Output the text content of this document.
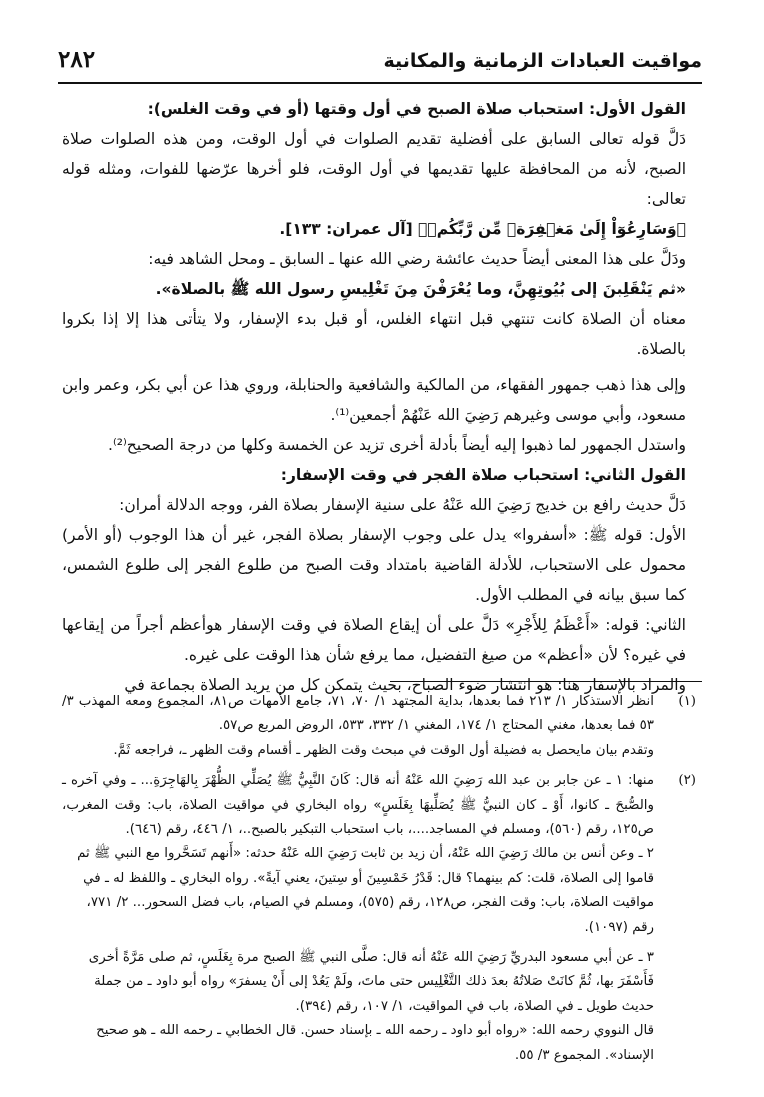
مواقيت العبادات الزمانية والمكانية
٢٨٢

القول الأول: استحباب صلاة الصبح في أول وقتها (أو في وقت الغلس):

دَلَّ قوله تعالى السابق على أفضلية تقديم الصلوات في أول الوقت، ومن هذه الصلوات صلاة الصبح، لأنه من المحافظة عليها تقديمها في أول الوقت، فلو أخرها عرّضها للفوات، ومثله قوله تعالى:

﴿وَسَارِعُوٓاْ إِلَىٰ مَغۡفِرَةٖ مِّن رَّبِّكُمۡ﴾ [آل عمران: ١٣٣].

ودَلَّ على هذا المعنى أيضاً حديث عائشة رضي الله عنها ـ السابق ـ ومحل الشاهد فيه:

«ثم يَنْقَلِبنَ إلى بُيُوتِهِنَّ، وما يُعْرَفْنَ مِنَ تَغْلِيسِ رسول الله ﷺ بالصلاة».

معناه أن الصلاة كانت تنتهي قبل انتهاء الغلس، أو قبل بدء الإسفار، ولا يتأتى هذا إلا إذا بكروا بالصلاة.

وإلى هذا ذهب جمهور الفقهاء، من المالكية والشافعية والحنابلة، وروي هذا عن أبي بكر، وعمر وابن مسعود، وأبي موسى وغيرهم رَضِيَ الله عَنْهُمْ أجمعين⁽¹⁾.

واستدل الجمهور لما ذهبوا إليه أيضاً بأدلة أخرى تزيد عن الخمسة وكلها من درجة الصحيح⁽²⁾.

القول الثاني: استحباب صلاة الفجر في وقت الإسفار:

دَلَّ حديث رافع بن خديج رَضِيَ الله عَنْهُ على سنية الإسفار بصلاة الفر، ووجه الدلالة أمران:

الأول: قوله ﷺ: «أسفروا» يدل على وجوب الإسفار بصلاة الفجر، غير أن هذا الوجوب (أو الأمر) محمول على الاستحباب، للأدلة القاضية بامتداد وقت الصبح من طلوع الفجر إلى طلوع الشمس، كما سبق بيانه في المطلب الأول.

الثاني: قوله: «أَعْظَمُ لِلأَجْرِ» دَلَّ على أن إيقاع الصلاة في وقت الإسفار هوأعظم أجراً من إيقاعها في غيره؟ لأن «أعظم» من صيغ التفضيل، مما يرفع شأن هذا الوقت على غيره.

والمراد بالإسفار هنا: هو انتشار ضوء الصباح، بحيث يتمكن كل من يريد الصلاة بجماعة في

(١)
انظر الاستذكار ١/ ٢١٣ فما بعدها، بداية المجتهد ١/ ٧٠، ٧١، جامع الأمهات ص٨١، المجموع ومعه المهذب ٣/ ٥٣ فما بعدها، مغني المحتاج ١/ ١٧٤، المغني ١/ ٣٣٢، ٥٣٣، الروض المربع ص٥٧.
وتقدم بيان مايحصل به فضيلة أول الوقت في مبحث وقت الظهر ـ أقسام وقت الظهر ـ، فراجعه ثَمَّ.
(٢)
منها: ١ ـ عن جابر بن عبد الله رَضِيَ الله عَنْهُ أنه قال: كَانَ النَّبِيُّ ﷺ يُصَلِّي الظُّهْرَ بِالهَاجِرَةِ... ـ وفي آخره ـ والصُّبحَ ـ كانوا، أَوْ ـ كان النبيُّ ﷺ يُصَلِّيهَا بِغَلَسٍ» رواه البخاري في مواقيت الصلاة، باب: وقت المغرب، ص١٢٥، رقم (٥٦٠)، ومسلم في المساجد....، باب استحباب التبكير بالصبح..، ١/ ٤٤٦، رقم (٦٤٦).
٢ ـ وعن أنس بن مالك رَضِيَ الله عَنْهُ، أن زيد بن ثابت رَضِيَ الله عَنْهُ حدثه: «أَنهم تَسَحَّروا مع النبي ﷺ ثم قاموا إلى الصلاة، قلت: كم بينهما؟ قال: قَدْرُ خَمْسِينَ أو سِتينَ، يعني آيةً». رواه البخاري ـ واللفظ له ـ في مواقيت الصلاة، باب: وقت الفجر، ص١٢٨، رقم (٥٧٥)، ومسلم في الصيام، باب فضل السحور... ٢/ ٧٧١، رقم (١٠٩٧).
٣ ـ عن أبي مسعود البدريِّ رَضِيَ الله عَنْهُ أنه قال: صلَّى النبي ﷺ الصبح مرة بِغَلَسٍ، ثم صلى مَرَّةً أخرى فَأَسْفَرَ بها، ثُمَّ كانَتْ صَلاتُهُ بعدَ ذلك التَّغْلِيس حتى ماتَ، ولَمْ يَعُدْ إلى أَنْ يسفرَ» رواه أبو داود ـ من جملة حديث طويل ـ في الصلاة، باب في المواقيت، ١/ ١٠٧، رقم (٣٩٤).
قال النووي رحمه الله: «رواه أبو داود ـ رحمه الله ـ بإسناد حسن. قال الخطابي ـ رحمه الله ـ هو صحيح الإسناد». المجموع ٣/ ٥٥.
